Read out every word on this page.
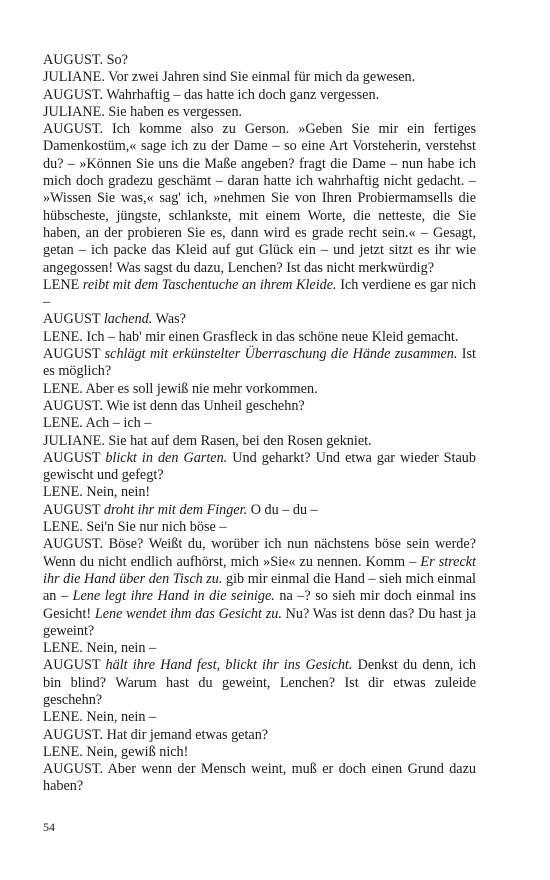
AUGUST. So?

JULIANE. Vor zwei Jahren sind Sie einmal für mich da gewesen.

AUGUST. Wahrhaftig – das hatte ich doch ganz vergessen.

JULIANE. Sie haben es vergessen.

AUGUST. Ich komme also zu Gerson. »Geben Sie mir ein fertiges Damenkostüm,« sage ich zu der Dame – so eine Art Vorsteherin, verstehst du? – »Können Sie uns die Maße angeben? fragt die Dame – nun habe ich mich doch gradezu geschämt – daran hatte ich wahrhaftig nicht gedacht. – »Wissen Sie was,« sag' ich, »nehmen Sie von Ihren Probiermamsells die hübscheste, jüngste, schlankste, mit einem Worte, die netteste, die Sie haben, an der probieren Sie es, dann wird es grade recht sein.« – Gesagt, getan – ich packe das Kleid auf gut Glück ein – und jetzt sitzt es ihr wie angegossen! Was sagst du dazu, Lenchen? Ist das nicht merkwürdig?

LENE reibt mit dem Taschentuche an ihrem Kleide. Ich verdiene es gar nich –

AUGUST lachend. Was?

LENE. Ich – hab' mir einen Grasfleck in das schöne neue Kleid gemacht.

AUGUST schlägt mit erkünstelter Überraschung die Hände zusammen. Ist es möglich?

LENE. Aber es soll jewiß nie mehr vorkommen.

AUGUST. Wie ist denn das Unheil geschehn?

LENE. Ach – ich –

JULIANE. Sie hat auf dem Rasen, bei den Rosen gekniet.

AUGUST blickt in den Garten. Und geharkt? Und etwa gar wieder Staub gewischt und gefegt?

LENE. Nein, nein!

AUGUST droht ihr mit dem Finger. O du – du –

LENE. Sei'n Sie nur nich böse –

AUGUST. Böse? Weißt du, worüber ich nun nächstens böse sein werde? Wenn du nicht endlich aufhörst, mich »Sie« zu nennen. Komm – Er streckt ihr die Hand über den Tisch zu. gib mir einmal die Hand – sieh mich einmal an – Lene legt ihre Hand in die seinige. na –? so sieh mir doch einmal ins Gesicht! Lene wendet ihm das Gesicht zu. Nu? Was ist denn das? Du hast ja geweint?

LENE. Nein, nein –

AUGUST hält ihre Hand fest, blickt ihr ins Gesicht. Denkst du denn, ich bin blind? Warum hast du geweint, Lenchen? Ist dir etwas zuleide geschehn?

LENE. Nein, nein –

AUGUST. Hat dir jemand etwas getan?

LENE. Nein, gewiß nich!

AUGUST. Aber wenn der Mensch weint, muß er doch einen Grund dazu haben?

54
